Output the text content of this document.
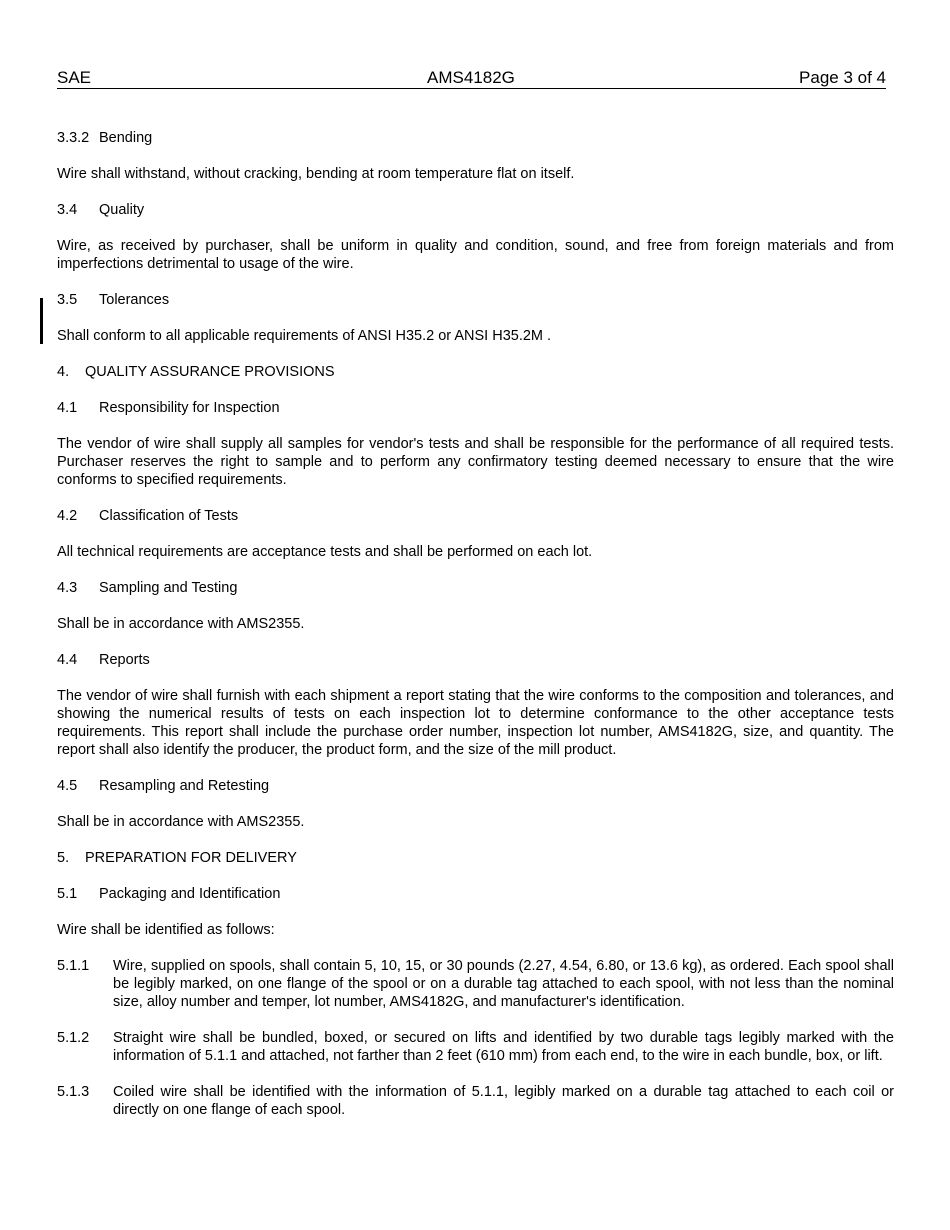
SAE	AMS4182G	Page 3 of 4
3.3.2 Bending

Wire shall withstand, without cracking, bending at room temperature flat on itself.

3.4 Quality

Wire, as received by purchaser, shall be uniform in quality and condition, sound, and free from foreign materials and from imperfections detrimental to usage of the wire.

3.5 Tolerances

Shall conform to all applicable requirements of ANSI H35.2 or ANSI H35.2M .

4. QUALITY ASSURANCE PROVISIONS
4.1 Responsibility for Inspection

The vendor of wire shall supply all samples for vendor's tests and shall be responsible for the performance of all required tests. Purchaser reserves the right to sample and to perform any confirmatory testing deemed necessary to ensure that the wire conforms to specified requirements.

4.2 Classification of Tests

All technical requirements are acceptance tests and shall be performed on each lot.

4.3 Sampling and Testing

Shall be in accordance with AMS2355.

4.4 Reports

The vendor of wire shall furnish with each shipment a report stating that the wire conforms to the composition and tolerances, and showing the numerical results of tests on each inspection lot to determine conformance to the other acceptance tests requirements. This report shall include the purchase order number, inspection lot number, AMS4182G, size, and quantity. The report shall also identify the producer, the product form, and the size of the mill product.

4.5 Resampling and Retesting

Shall be in accordance with AMS2355.

5. PREPARATION FOR DELIVERY
5.1 Packaging and Identification

Wire shall be identified as follows:

5.1.1 Wire, supplied on spools, shall contain 5, 10, 15, or 30 pounds (2.27, 4.54, 6.80, or 13.6 kg), as ordered. Each spool shall be legibly marked, on one flange of the spool or on a durable tag attached to each spool, with not less than the nominal size, alloy number and temper, lot number, AMS4182G, and manufacturer's identification.
5.1.2 Straight wire shall be bundled, boxed, or secured on lifts and identified by two durable tags legibly marked with the information of 5.1.1 and attached, not farther than 2 feet (610 mm) from each end, to the wire in each bundle, box, or lift.
5.1.3 Coiled wire shall be identified with the information of 5.1.1, legibly marked on a durable tag attached to each coil or directly on one flange of each spool.
